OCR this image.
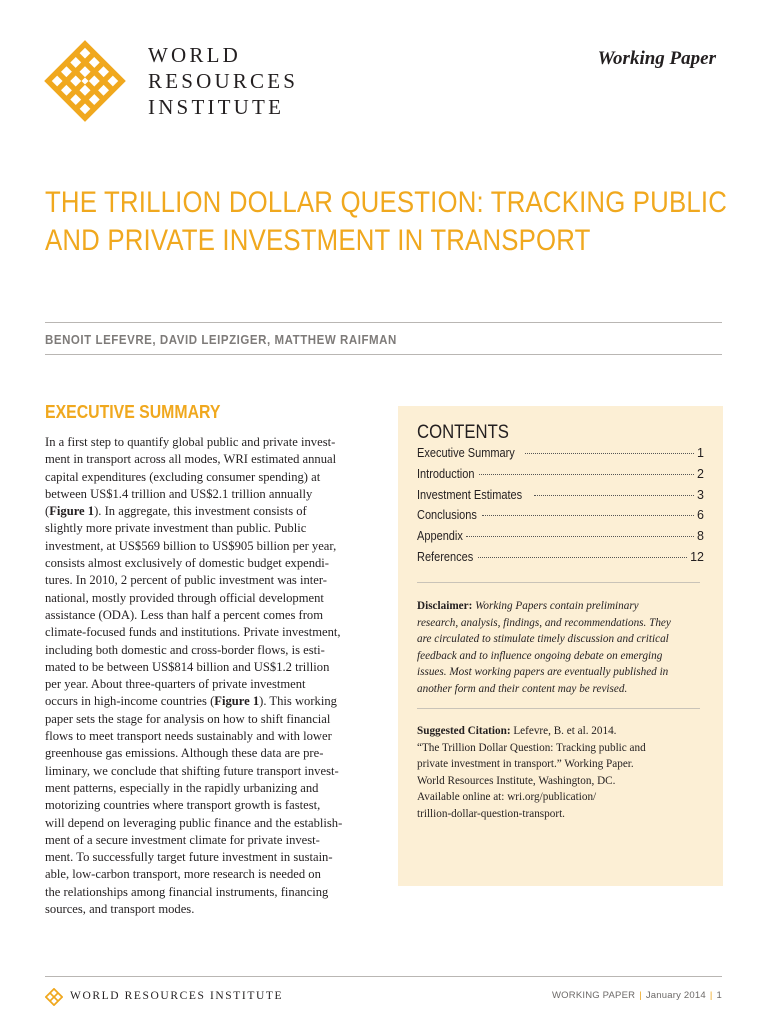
WORLD
RESOURCES
INSTITUTE
Working Paper
THE TRILLION DOLLAR QUESTION: TRACKING PUBLIC
AND PRIVATE INVESTMENT IN TRANSPORT
BENOIT LEFEVRE, DAVID LEIPZIGER, MATTHEW RAIFMAN
EXECUTIVE SUMMARY
In a first step to quantify global public and private invest-
ment in transport across all modes, WRI estimated annual
capital expenditures (excluding consumer spending) at
between US$1.4 trillion and US$2.1 trillion annually
(Figure 1). In aggregate, this investment consists of
slightly more private investment than public. Public
investment, at US$569 billion to US$905 billion per year,
consists almost exclusively of domestic budget expendi-
tures. In 2010, 2 percent of public investment was inter-
national, mostly provided through official development
assistance (ODA). Less than half a percent comes from
climate-focused funds and institutions. Private investment,
including both domestic and cross-border flows, is esti-
mated to be between US$814 billion and US$1.2 trillion
per year. About three-quarters of private investment
occurs in high-income countries (Figure 1). This working
paper sets the stage for analysis on how to shift financial
flows to meet transport needs sustainably and with lower
greenhouse gas emissions. Although these data are pre-
liminary, we conclude that shifting future transport invest-
ment patterns, especially in the rapidly urbanizing and
motorizing countries where transport growth is fastest,
will depend on leveraging public finance and the establish-
ment of a secure investment climate for private invest-
ment. To successfully target future investment in sustain-
able, low-carbon transport, more research is needed on
the relationships among financial instruments, financing
sources, and transport modes.
CONTENTS
Executive Summary	1
Introduction	2
Investment Estimates	3
Conclusions	6
Appendix	8
References	12
Disclaimer: Working Papers contain preliminary
research, analysis, findings, and recommendations. They
are circulated to stimulate timely discussion and critical
feedback and to influence ongoing debate on emerging
issues. Most working papers are eventually published in
another form and their content may be revised.
Suggested Citation: Lefevre, B. et al. 2014.
“The Trillion Dollar Question: Tracking public and
private investment in transport.” Working Paper.
World Resources Institute, Washington, DC.
Available online at: wri.org/publication/
trillion-dollar-question-transport.
WORLD RESOURCES INSTITUTE	WORKING PAPER | January 2014 | 1
